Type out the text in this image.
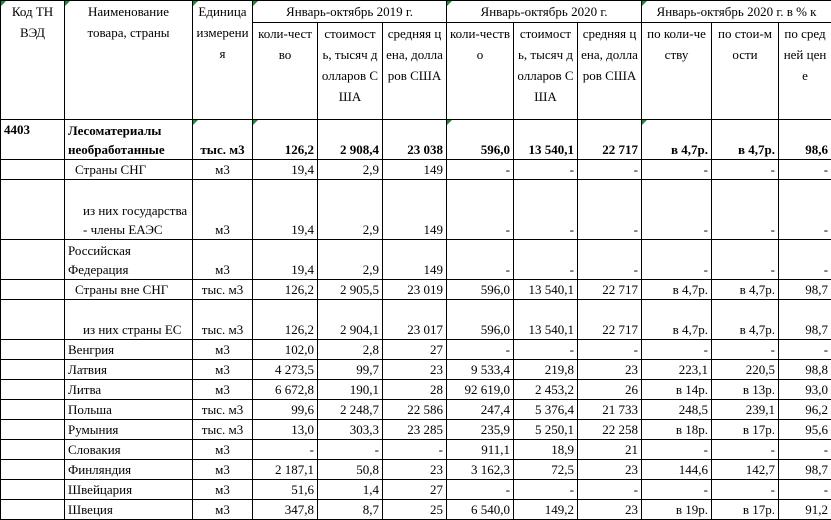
Код ТН ВЭД	Наименование товара, страны	Единица измерения	Январь-октябрь 2019 г.			Январь-октябрь 2020 г.			Январь-октябрь 2020 г. в % к		
			коли-чество	стоимость, тысяч долларов США	средняя цена, долларов США	коли-чество	стоимость, тысяч долларов США	средняя цена, долларов США	по коли-честву	по стои-мости	по средней цене
4403	Лесоматериалы необработанные	тыс. м3	126,2	2 908,4	23 038	596,0	13 540,1	22 717	в 4,7р.	в 4,7р.	98,6
	Страны СНГ	м3	19,4	2,9	149	-	-	-	-	-	-
	из них государства - члены ЕАЭС	м3	19,4	2,9	149	-	-	-	-	-	-
	Российская Федерация	м3	19,4	2,9	149	-	-	-	-	-	-
	Страны вне СНГ	тыс. м3	126,2	2 905,5	23 019	596,0	13 540,1	22 717	в 4,7р.	в 4,7р.	98,7
	из них страны ЕС	тыс. м3	126,2	2 904,1	23 017	596,0	13 540,1	22 717	в 4,7р.	в 4,7р.	98,7
	Венгрия	м3	102,0	2,8	27	-	-	-	-	-	-
	Латвия	м3	4 273,5	99,7	23	9 533,4	219,8	23	223,1	220,5	98,8
	Литва	м3	6 672,8	190,1	28	92 619,0	2 453,2	26	в 14р.	в 13р.	93,0
	Польша	тыс. м3	99,6	2 248,7	22 586	247,4	5 376,4	21 733	248,5	239,1	96,2
	Румыния	тыс. м3	13,0	303,3	23 285	235,9	5 250,1	22 258	в 18р.	в 17р.	95,6
	Словакия	м3	-	-	-	911,1	18,9	21	-	-	-
	Финляндия	м3	2 187,1	50,8	23	3 162,3	72,5	23	144,6	142,7	98,7
	Швейцария	м3	51,6	1,4	27	-	-	-	-	-	-
	Швеция	м3	347,8	8,7	25	6 540,0	149,2	23	в 19р.	в 17р.	91,2
